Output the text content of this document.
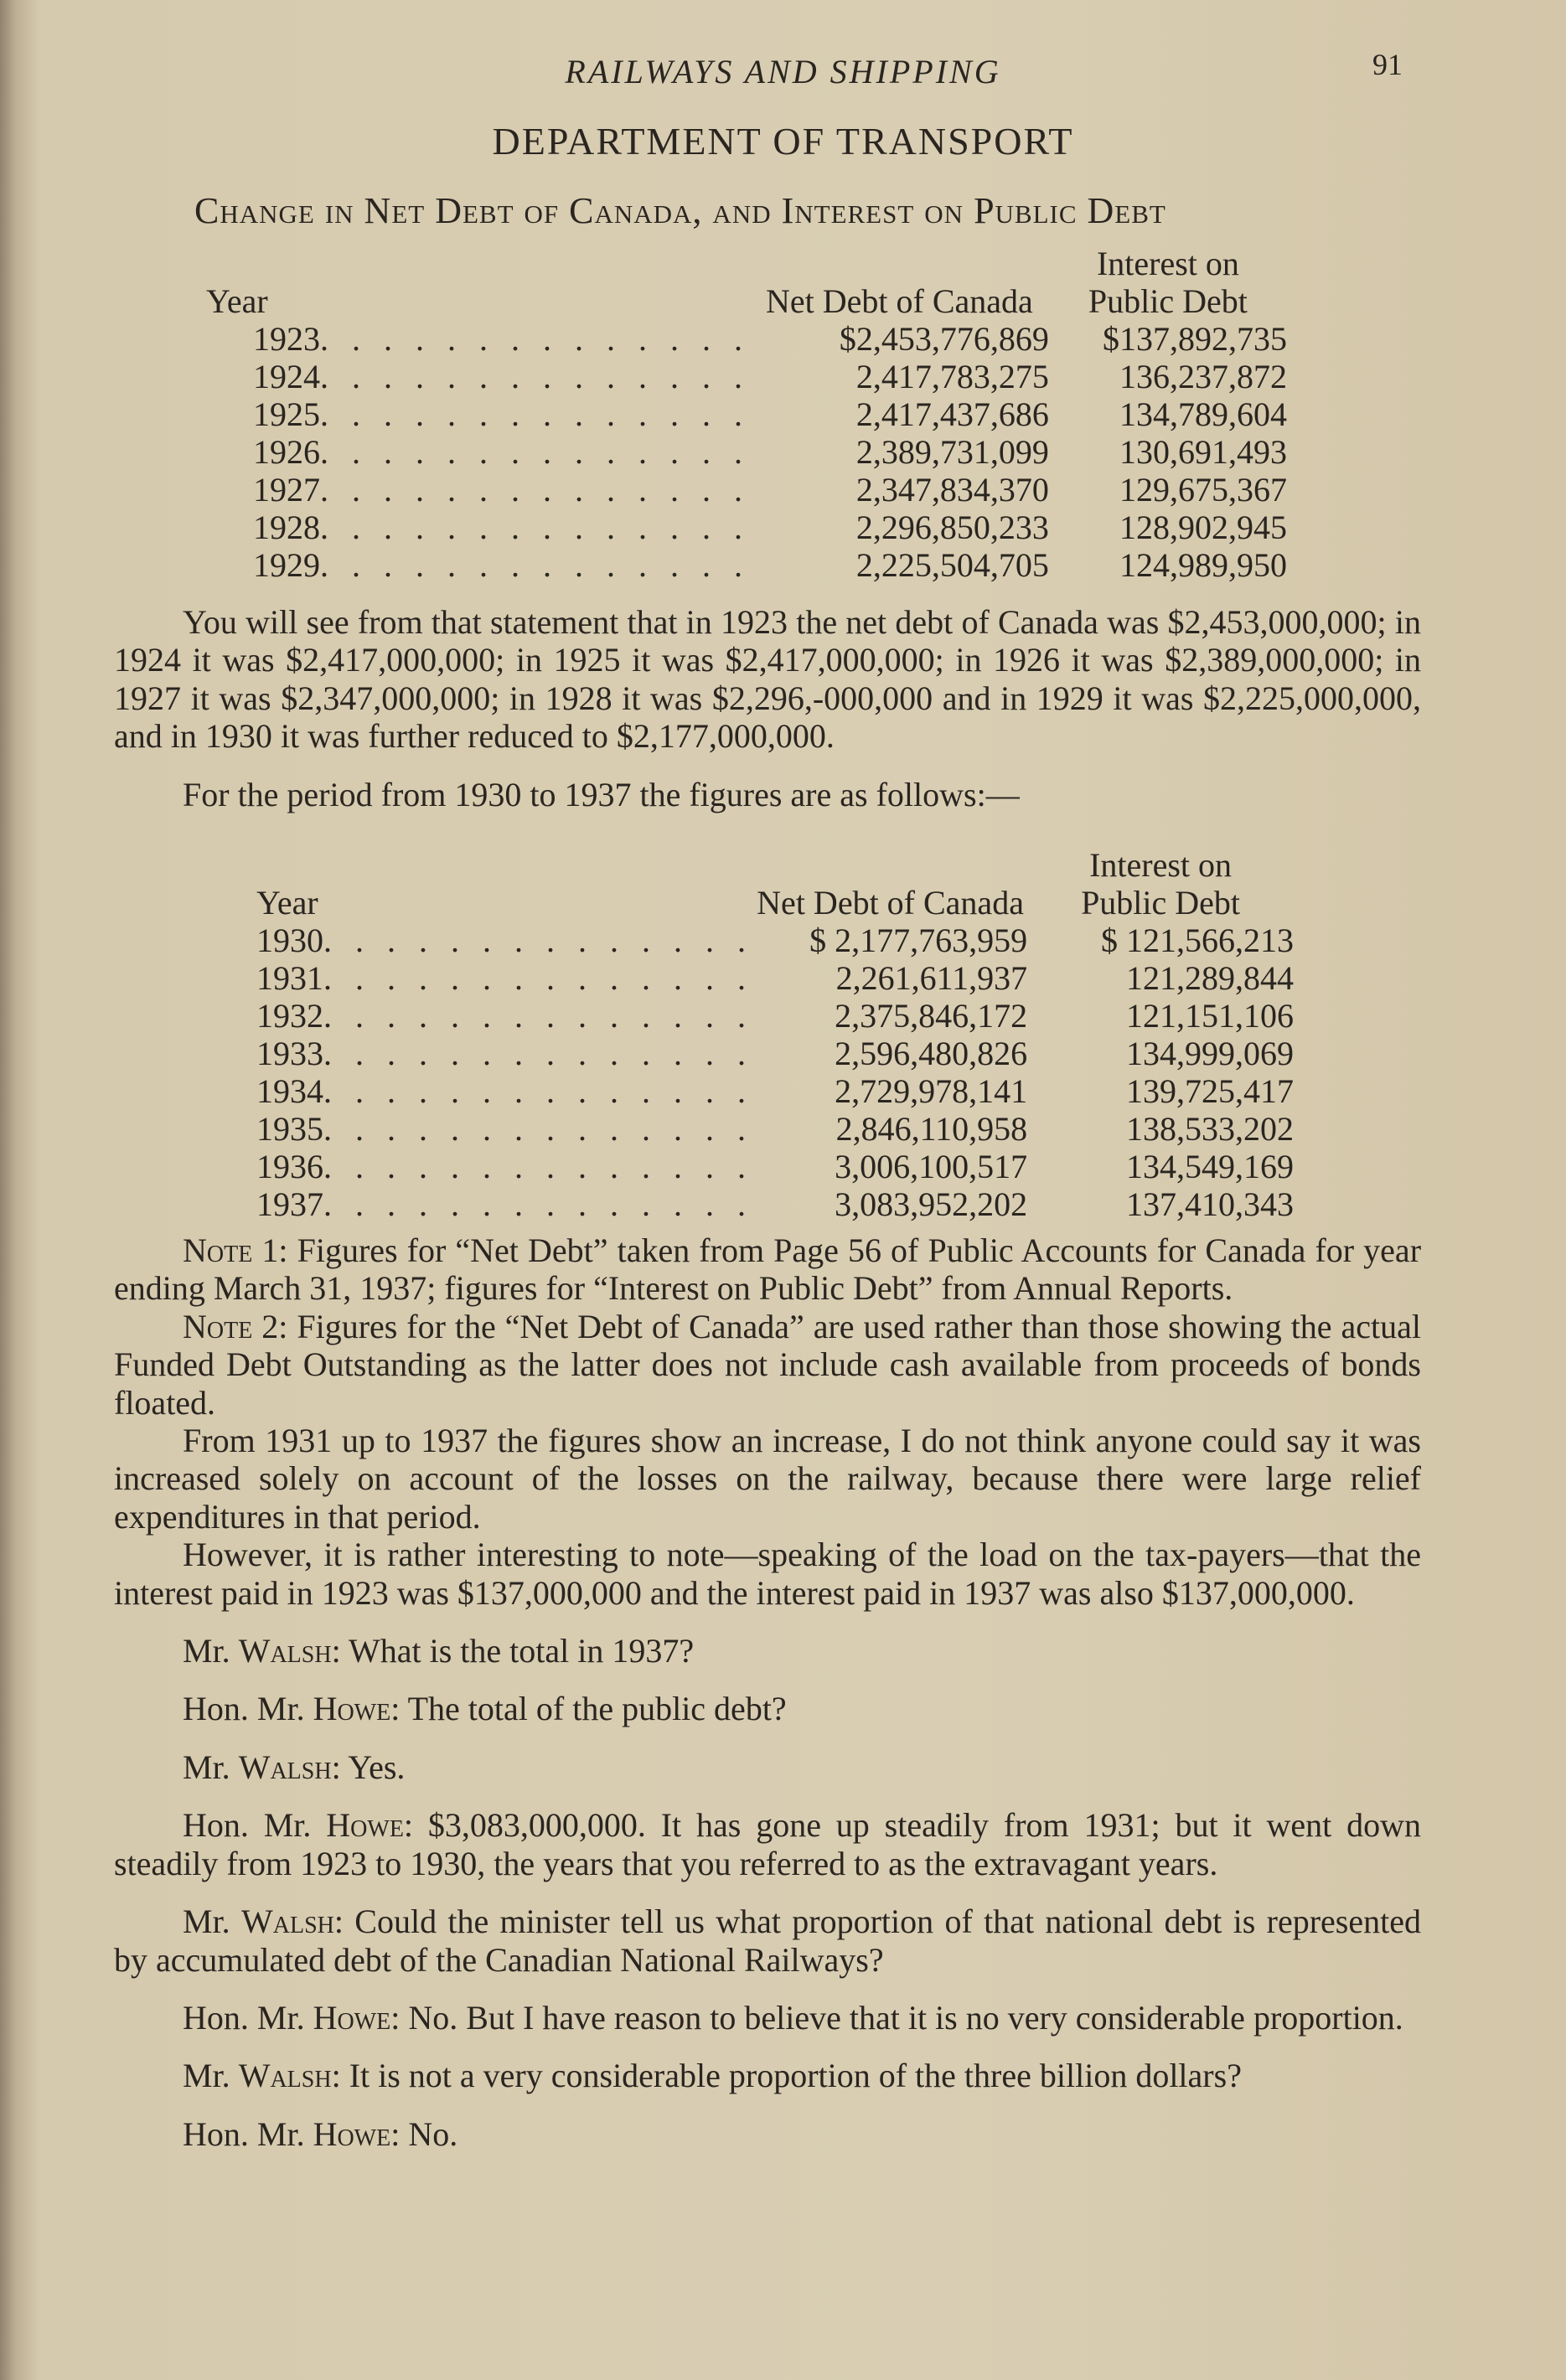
RAILWAYS AND SHIPPING	91
DEPARTMENT OF TRANSPORT
Change in Net Debt of Canada, and Interest on Public Debt
Year	Net Debt of Canada	Interest on
Public Debt
1923. . . . . . . . . . . . . .	$2,453,776,869	$137,892,735
1924. . . . . . . . . . . . . .	2,417,783,275	136,237,872
1925. . . . . . . . . . . . . .	2,417,437,686	134,789,604
1926. . . . . . . . . . . . . .	2,389,731,099	130,691,493
1927. . . . . . . . . . . . . .	2,347,834,370	129,675,367
1928. . . . . . . . . . . . . .	2,296,850,233	128,902,945
1929. . . . . . . . . . . . . .	2,225,504,705	124,989,950

You will see from that statement that in 1923 the net debt of Canada was $2,453,000,000; in 1924 it was $2,417,000,000; in 1925 it was $2,417,000,000; in 1926 it was $2,389,000,000; in 1927 it was $2,347,000,000; in 1928 it was $2,296,-000,000 and in 1929 it was $2,225,000,000, and in 1930 it was further reduced to $2,177,000,000.

For the period from 1930 to 1937 the figures are as follows:—

Year	Net Debt of Canada	Interest on
Public Debt
1930. . . . . . . . . . . . . .	$ 2,177,763,959	$ 121,566,213
1931. . . . . . . . . . . . . .	2,261,611,937	121,289,844
1932. . . . . . . . . . . . . .	2,375,846,172	121,151,106
1933. . . . . . . . . . . . . .	2,596,480,826	134,999,069
1934. . . . . . . . . . . . . .	2,729,978,141	139,725,417
1935. . . . . . . . . . . . . .	2,846,110,958	138,533,202
1936. . . . . . . . . . . . . .	3,006,100,517	134,549,169
1937. . . . . . . . . . . . . .	3,083,952,202	137,410,343

Note 1: Figures for “Net Debt” taken from Page 56 of Public Accounts for Canada for year ending March 31, 1937; figures for “Interest on Public Debt” from Annual Reports.

Note 2: Figures for the “Net Debt of Canada” are used rather than those showing the actual Funded Debt Outstanding as the latter does not include cash available from proceeds of bonds floated.

From 1931 up to 1937 the figures show an increase, I do not think anyone could say it was increased solely on account of the losses on the railway, because there were large relief expenditures in that period.

However, it is rather interesting to note—speaking of the load on the tax-payers—that the interest paid in 1923 was $137,000,000 and the interest paid in 1937 was also $137,000,000.

Mr. Walsh: What is the total in 1937?

Hon. Mr. Howe: The total of the public debt?

Mr. Walsh: Yes.

Hon. Mr. Howe: $3,083,000,000. It has gone up steadily from 1931; but it went down steadily from 1923 to 1930, the years that you referred to as the extravagant years.

Mr. Walsh: Could the minister tell us what proportion of that national debt is represented by accumulated debt of the Canadian National Railways?

Hon. Mr. Howe: No. But I have reason to believe that it is no very considerable proportion.

Mr. Walsh: It is not a very considerable proportion of the three billion dollars?

Hon. Mr. Howe: No.
